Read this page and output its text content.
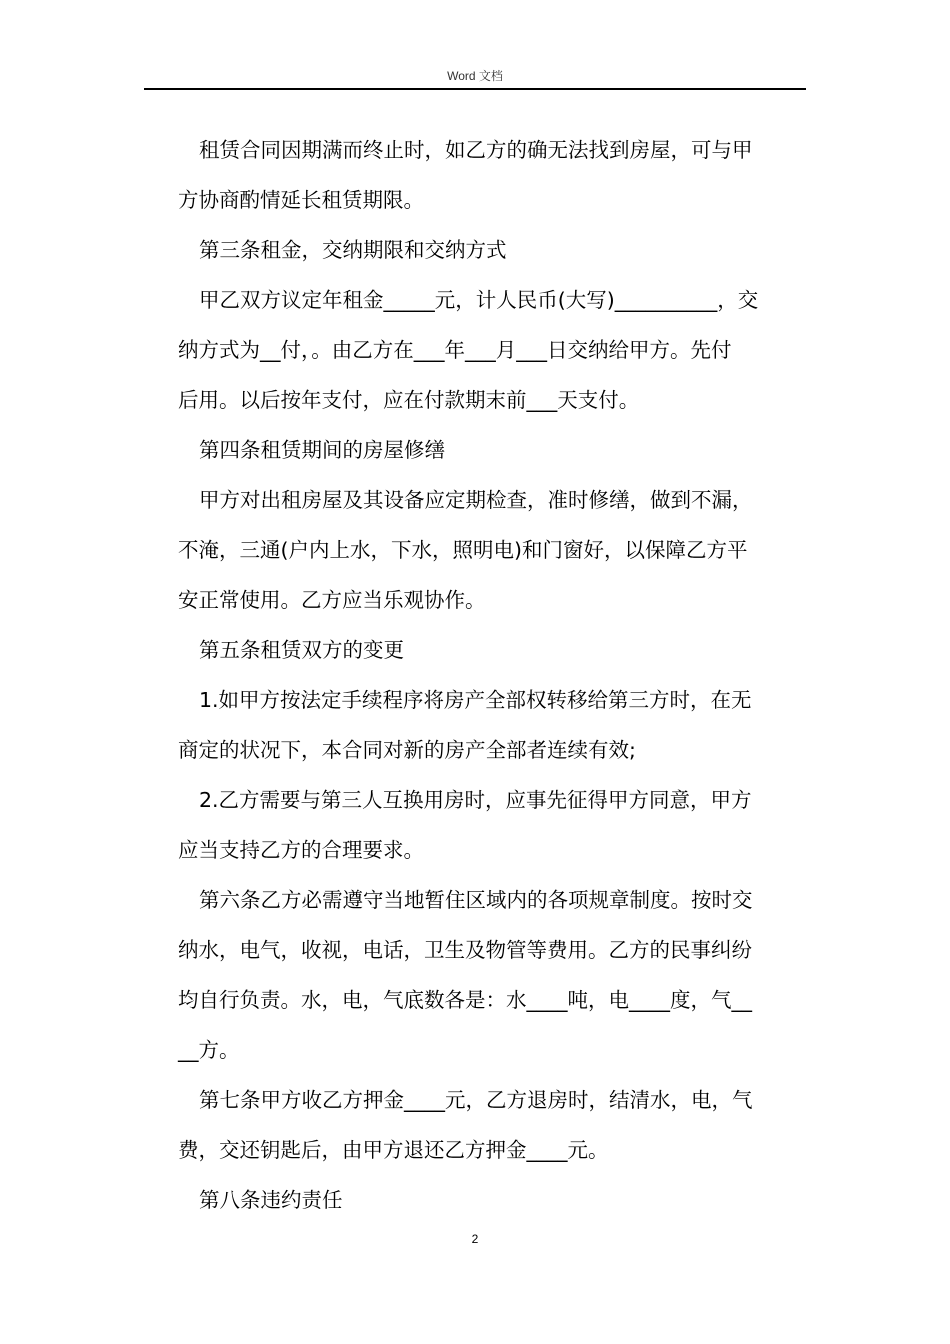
Word 文档
租赁合同因期满而终止时，如乙方的确无法找到房屋，可与甲
方协商酌情延长租赁期限。
第三条租金，交纳期限和交纳方式
甲乙双方议定年租金_____元，计人民币(大写)__________，交
纳方式为__付，。由乙方在___年___月___日交纳给甲方。先付
后用。以后按年支付，应在付款期末前___天支付。
第四条租赁期间的房屋修缮
甲方对出租房屋及其设备应定期检查，准时修缮，做到不漏，
不淹，三通(户内上水，下水，照明电)和门窗好，以保障乙方平
安正常使用。乙方应当乐观协作。
第五条租赁双方的变更
1.如甲方按法定手续程序将房产全部权转移给第三方时，在无
商定的状况下，本合同对新的房产全部者连续有效;
2.乙方需要与第三人互换用房时，应事先征得甲方同意，甲方
应当支持乙方的合理要求。
第六条乙方必需遵守当地暂住区域内的各项规章制度。按时交
纳水，电气，收视，电话，卫生及物管等费用。乙方的民事纠纷
均自行负责。水，电，气底数各是：水____吨，电____度，气__
__方。
第七条甲方收乙方押金____元，乙方退房时，结清水，电，气
费，交还钥匙后，由甲方退还乙方押金____元。
第八条违约责任
2
